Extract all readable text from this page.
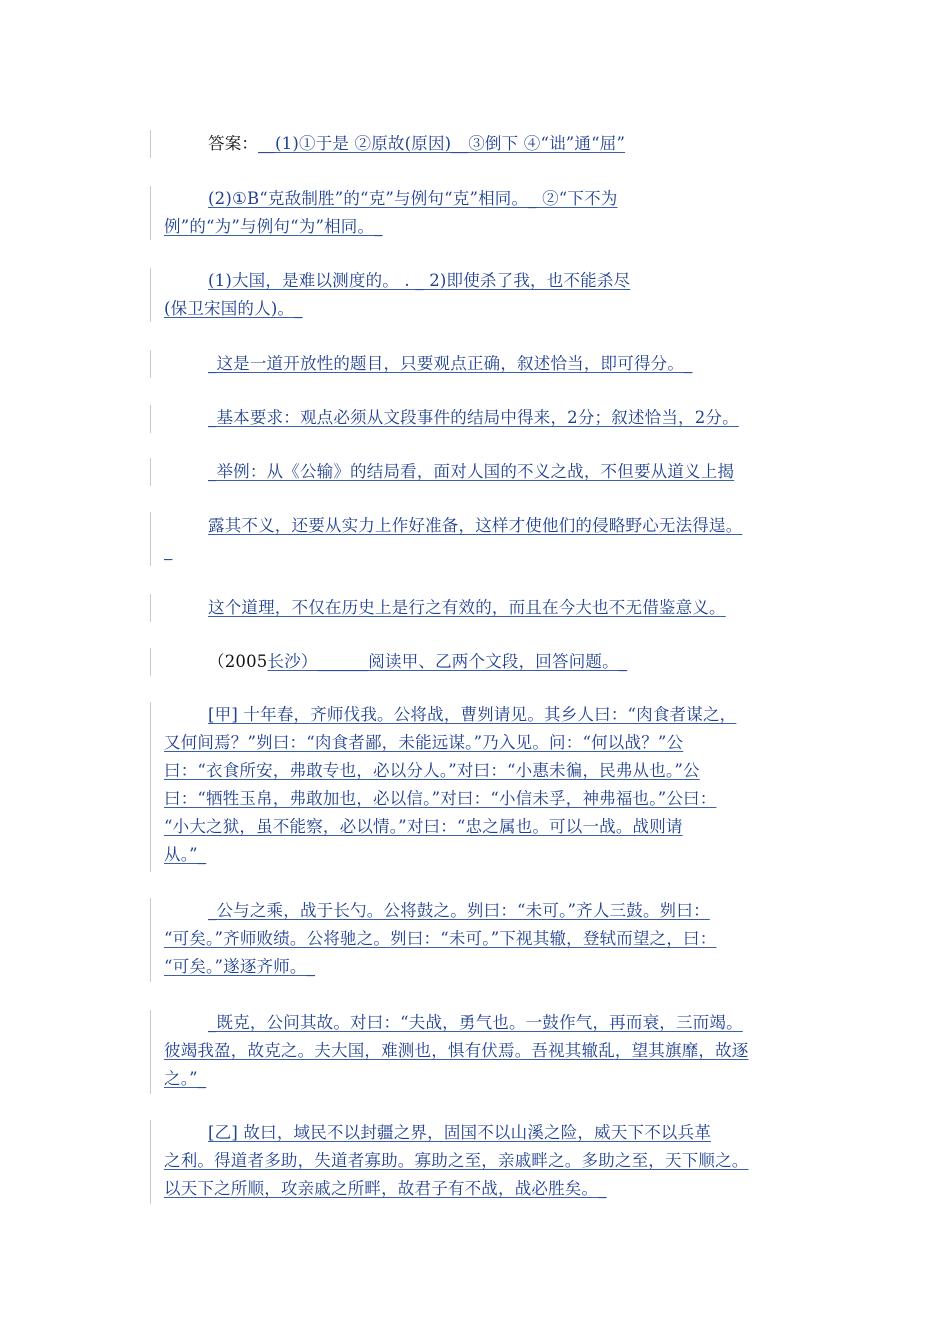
答案：__(1)①于是 ②原故(原因)__③倒下 ④“诎”通“屈”
(2)①B“克敌制胜”的“克”与例句“克”相同。_ ②“下不为
例”的“为”与例句“为”相同。_
(1)大国，是难以测度的。 . _ 2)即使杀了我，也不能杀尽
(保卫宋国的人)。_
_这是一道开放性的题目，只要观点正确，叙述恰当，即可得分。_
_基本要求：观点必须从文段事件的结局中得来，2分；叙述恰当，2分。
_举例：从《公输》的结局看，面对人国的不义之战，不但要从道义上揭
露其不义，还要从实力上作好准备，这样才使他们的侵略野心无法得逞。
_
这个道理，不仅在历史上是行之有效的，而且在今大也不无借鉴意义。
（2005长沙）______阅读甲、乙两个文段，回答问题。_
[甲] 十年春，齐师伐我。公将战，曹刿请见。其乡人曰：“肉食者谋之，
又何间焉？”刿曰：“肉食者鄙，未能远谋。”乃入见。问：“何以战？”公
曰：“衣食所安，弗敢专也，必以分人。”对曰：“小惠未徧，民弗从也。”公
曰：“牺牲玉帛，弗敢加也，必以信。”对曰：“小信未孚，神弗福也。”公曰：
“小大之狱，虽不能察，必以情。”对曰：“忠之属也。可以一战。战则请
从。”_
_公与之乘，战于长勺。公将鼓之。刿曰：“未可。”齐人三鼓。刿曰：
“可矣。”齐师败绩。公将驰之。刿曰：“未可。”下视其辙，登轼而望之，曰：
“可矣。”遂逐齐师。_
_既克，公问其故。对曰：“夫战，勇气也。一鼓作气，再而衰，三而竭。
彼竭我盈，故克之。夫大国，难测也，惧有伏焉。吾视其辙乱，望其旗靡，故逐
之。”_
[乙] 故曰，域民不以封疆之界，固国不以山溪之险，威天下不以兵革
之利。得道者多助，失道者寡助。寡助之至，亲戚畔之。多助之至，天下顺之。
以天下之所顺，攻亲戚之所畔，故君子有不战，战必胜矣。_
